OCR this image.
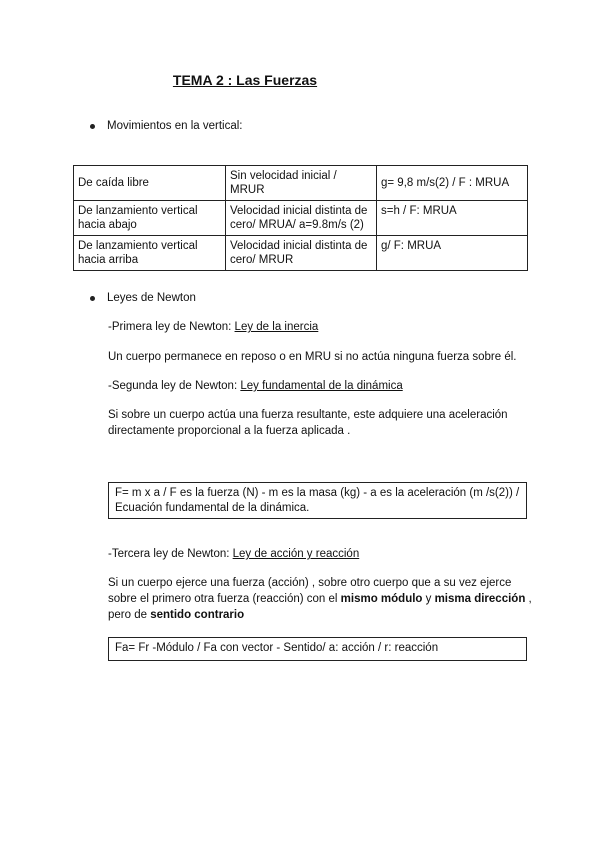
TEMA 2 : Las Fuerzas
Movimientos en la vertical:
De caída libre	Sin velocidad inicial / MRUR	g= 9,8 m/s(2) / F : MRUA
De lanzamiento vertical hacia abajo	Velocidad inicial distinta de cero/ MRUA/ a=9.8m/s (2)	s=h / F: MRUA
De lanzamiento vertical hacia arriba	Velocidad inicial distinta de cero/ MRUR	g/ F: MRUA
Leyes de Newton
-Primera ley de Newton: Ley de la inercia
Un cuerpo permanece en reposo o en MRU si no actúa ninguna fuerza sobre él.
-Segunda ley de Newton: Ley fundamental de la dinámica
Si sobre un cuerpo actúa una fuerza resultante, este adquiere una aceleración
directamente proporcional a la fuerza aplicada .
F= m x a / F es la fuerza (N) - m es la masa (kg) - a es la aceleración (m /s(2)) /
Ecuación fundamental de la dinámica.
-Tercera ley de Newton: Ley de acción y reacción
Si un cuerpo ejerce una fuerza (acción) , sobre otro cuerpo que a su vez ejerce
sobre el primero otra fuerza (reacción) con el mismo módulo y misma dirección ,
pero de sentido contrario
Fa= Fr -Módulo / Fa con vector - Sentido/ a: acción / r: reacción
